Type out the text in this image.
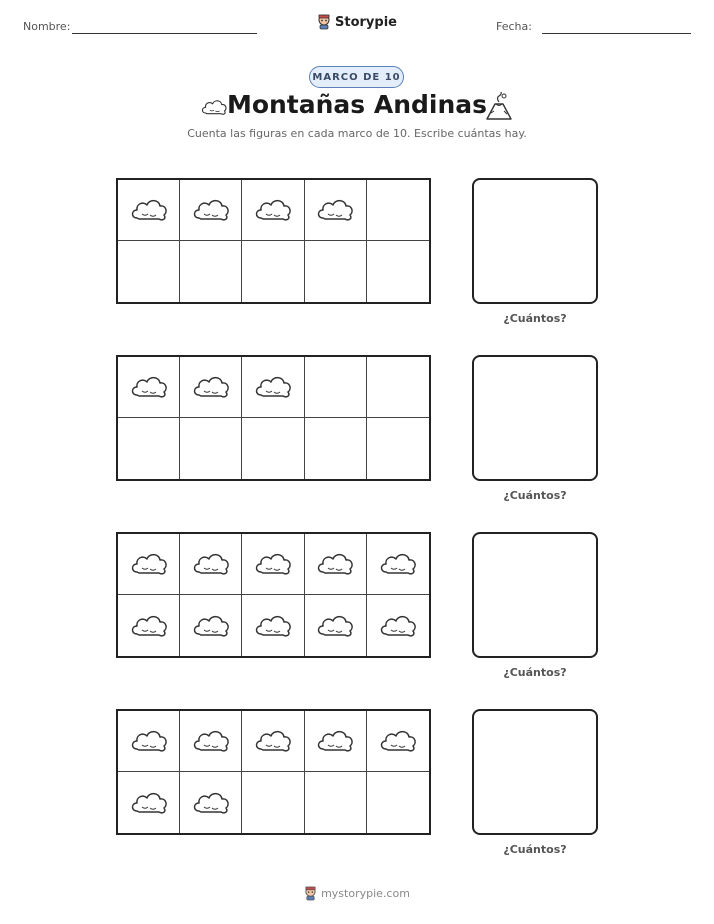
Nombre:	Fecha:
Storypie
MARCO DE 10
Montañas Andinas
Cuenta las figuras en cada marco de 10. Escribe cuántas hay.
¿Cuántos?
¿Cuántos?
¿Cuántos?
¿Cuántos?
mystorypie.com
